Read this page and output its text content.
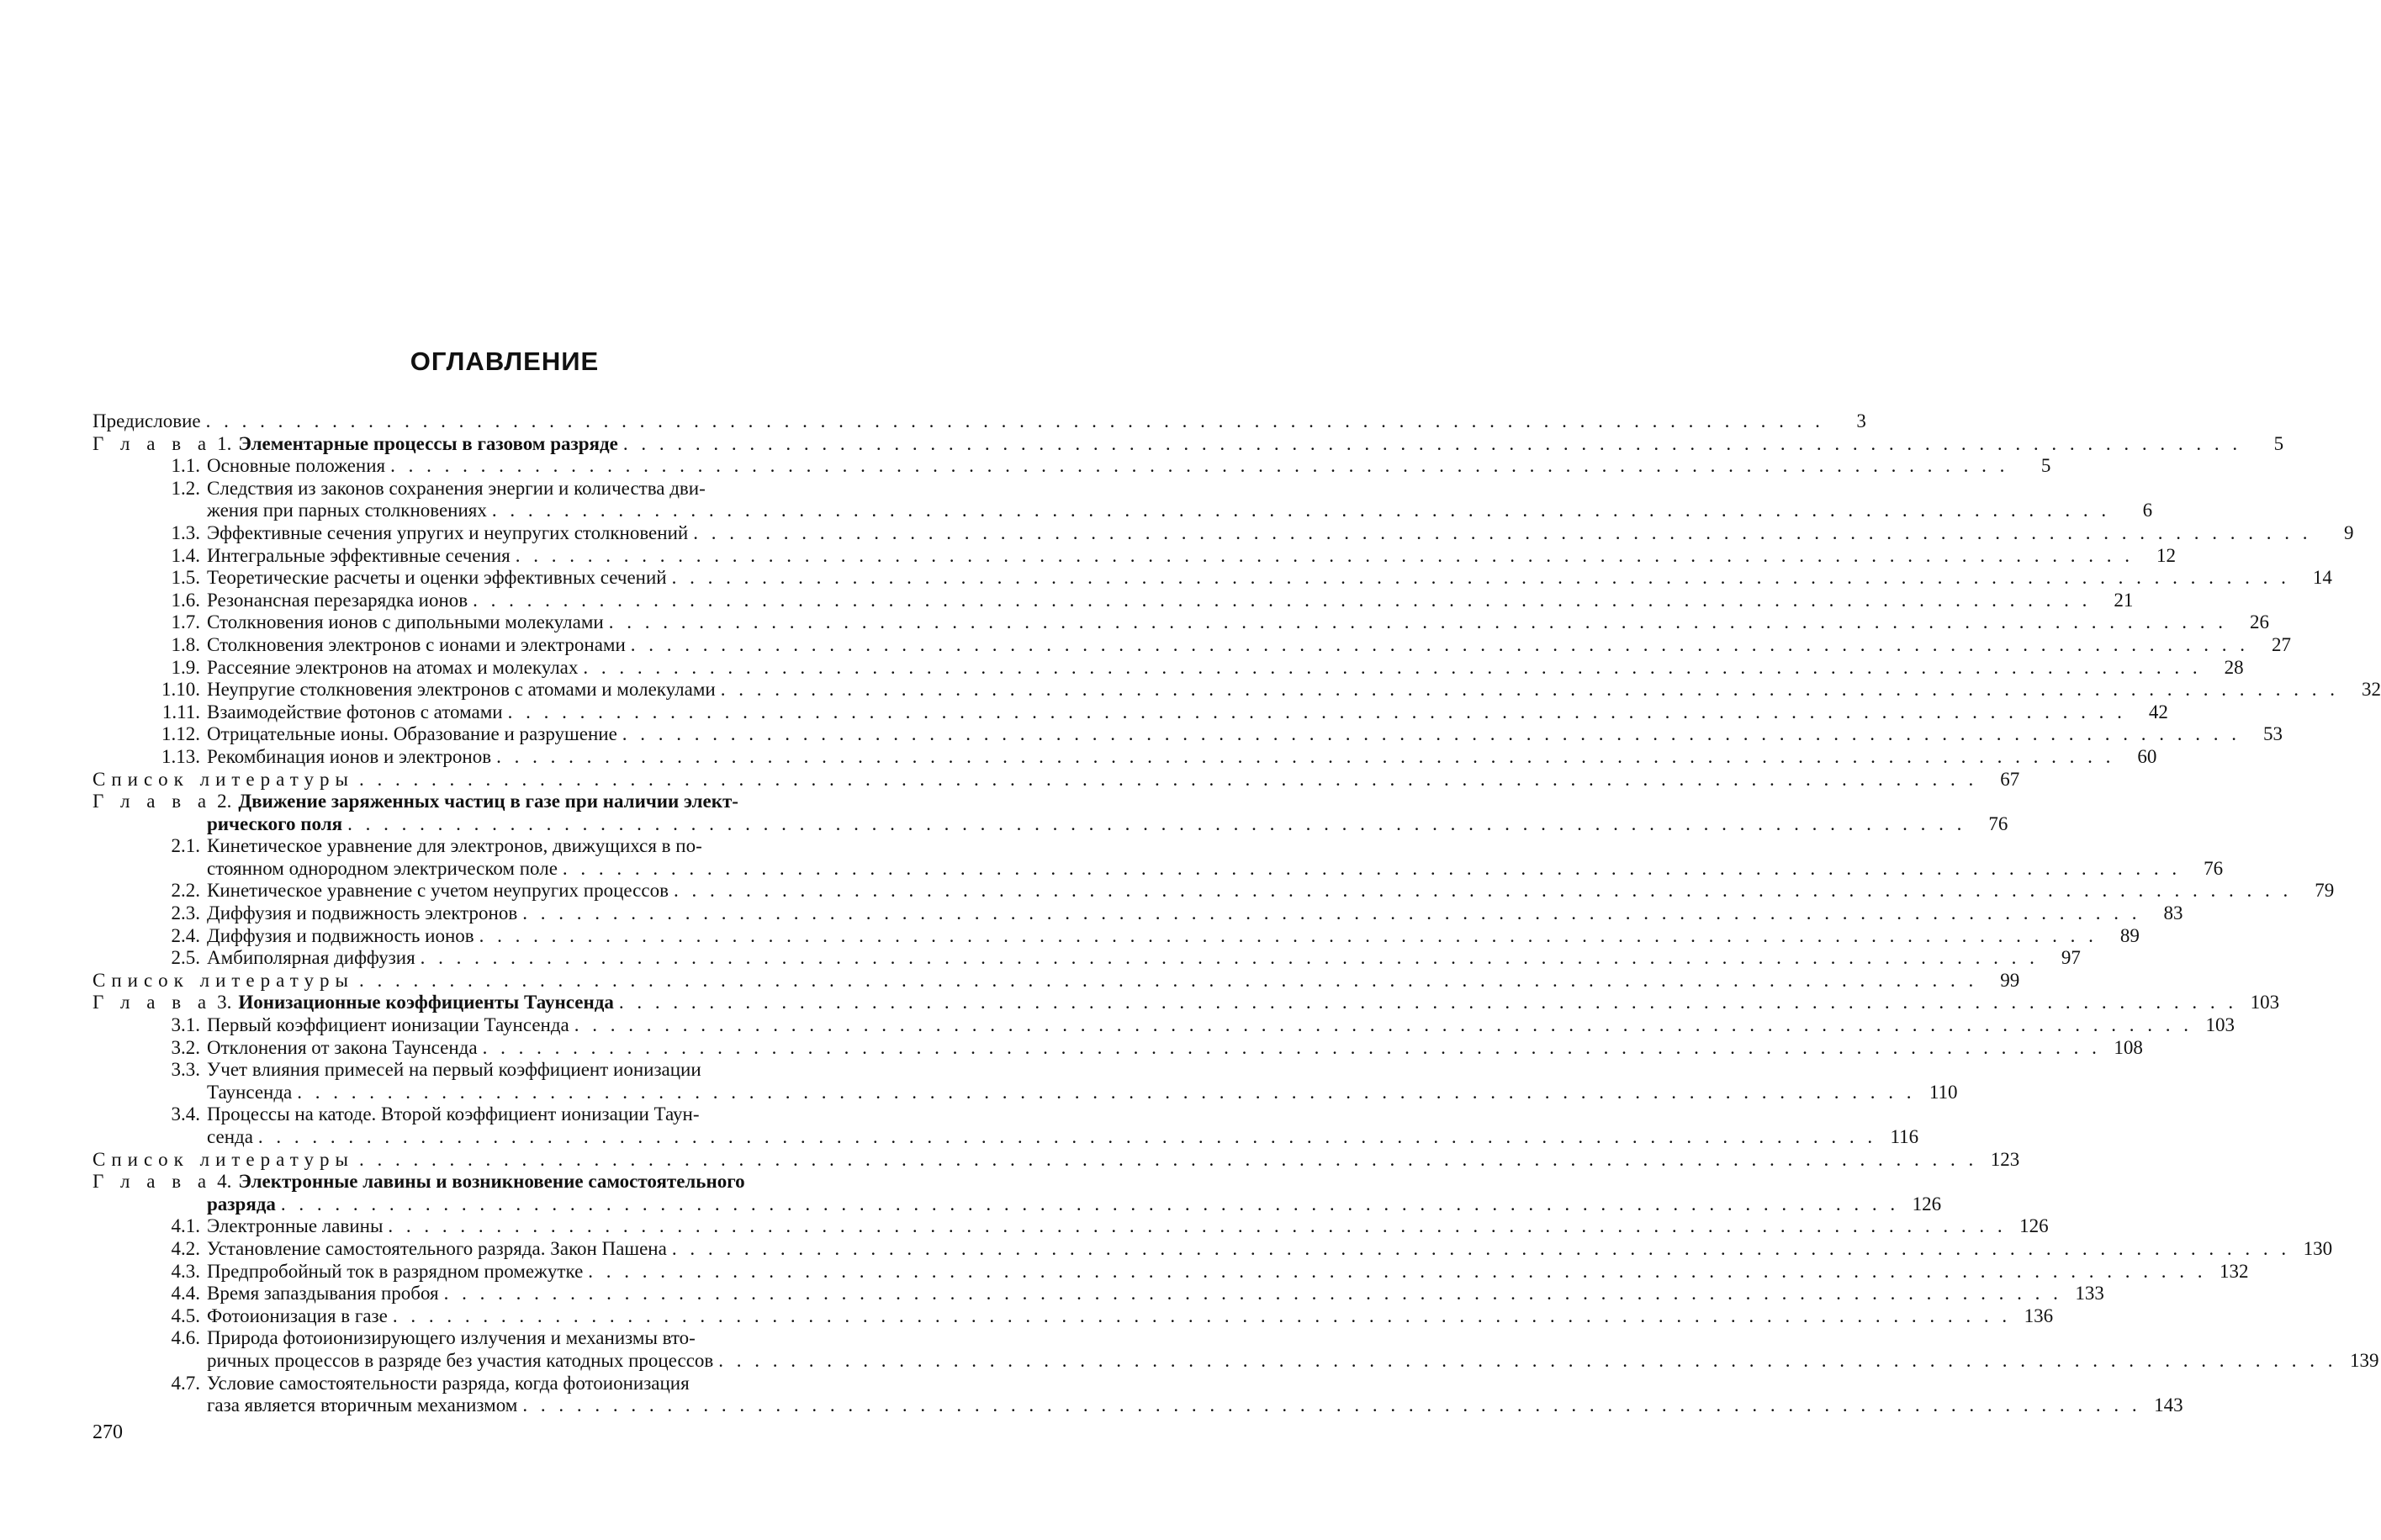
ОГЛАВЛЕНИЕ
Предисловие . . .	3
Г л а в а 1. Элементарные процессы в газовом разряде . . .	5
1.1. Основные положения . . .	5
1.2. Следствия из законов сохранения энергии и количества дви-
жения при парных столкновениях . . .	6
1.3. Эффективные сечения упругих и неупругих столкновений . . .	9
1.4. Интегральные эффективные сечения . . .	12
1.5. Теоретические расчеты и оценки эффективных сечений . . .	14
1.6. Резонансная перезарядка ионов . . .	21
1.7. Столкновения ионов с дипольными молекулами . . .	26
1.8. Столкновения электронов с ионами и электронами . . .	27
1.9. Рассеяние электронов на атомах и молекулах . . .	28
1.10. Неупругие столкновения электронов с атомами и молекулами . . .	32
1.11. Взаимодействие фотонов с атомами . . .	42
1.12. Отрицательные ионы. Образование и разрушение . . .	53
1.13. Рекомбинация ионов и электронов . . .	60
Список литературы . . .	67
Г л а в а 2. Движение заряженных частиц в газе при наличии элект-
рического поля . . .	76
2.1. Кинетическое уравнение для электронов, движущихся в по-
стоянном однородном электрическом поле . . .	76
2.2. Кинетическое уравнение с учетом неупругих процессов . . .	79
2.3. Диффузия и подвижность электронов . . .	83
2.4. Диффузия и подвижность ионов . . .	89
2.5. Амбиполярная диффузия . . .	97
Список литературы . . .	99
Г л а в а 3. Ионизационные коэффициенты Таунсенда . . .	103
3.1. Первый коэффициент ионизации Таунсенда . . .	103
3.2. Отклонения от закона Таунсенда . . .	108
3.3. Учет влияния примесей на первый коэффициент ионизации
Таунсенда . . .	110
3.4. Процессы на катоде. Второй коэффициент ионизации Таун-
сенда . . .	116
Список литературы . . .	123
Г л а в а 4. Электронные лавины и возникновение самостоятельного
разряда . . .	126
4.1. Электронные лавины . . .	126
4.2. Установление самостоятельного разряда. Закон Пашена . . .	130
4.3. Предпробойный ток в разрядном промежутке . . .	132
4.4. Время запаздывания пробоя . . .	133
4.5. Фотоионизация в газе . . .	136
4.6. Природа фотоионизирующего излучения и механизмы вто-
ричных процессов в разряде без участия катодных процессов . . .	139
4.7. Условие самостоятельности разряда, когда фотоионизация
газа является вторичным механизмом . . .	143
270
